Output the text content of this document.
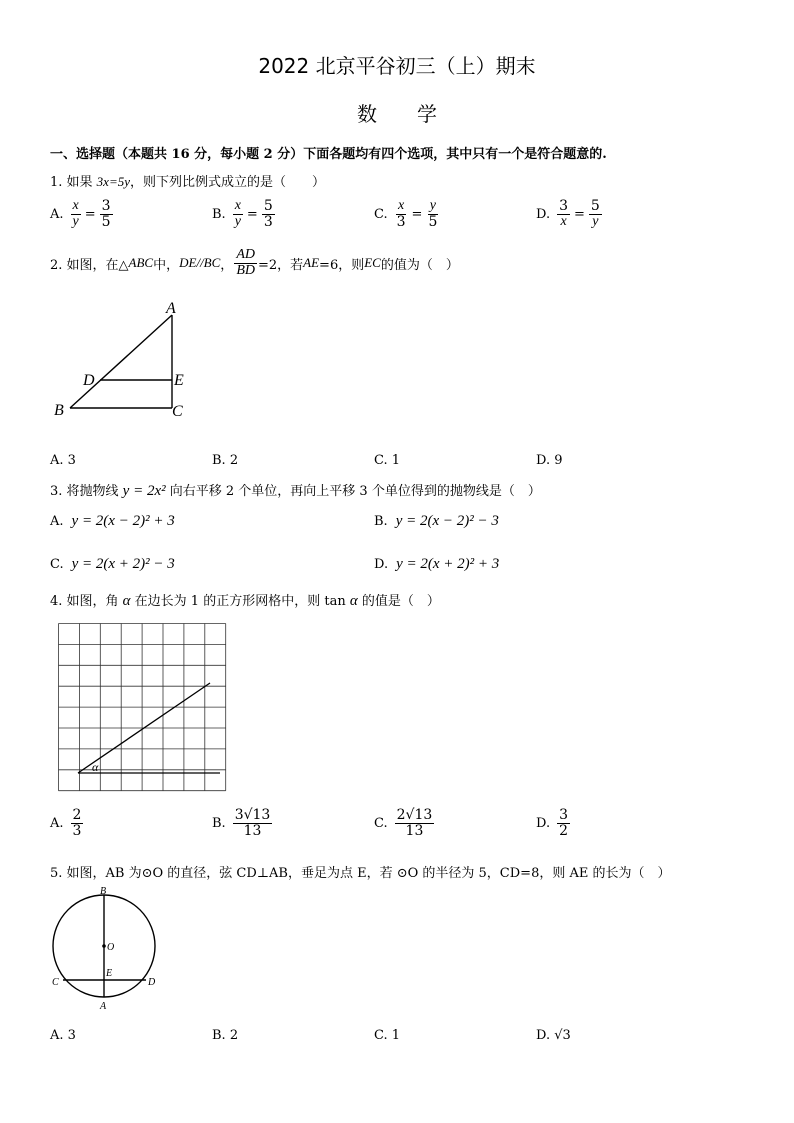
2022 北京平谷初三（上）期末
数　　学
一、选择题（本题共 16 分，每小题 2 分）下面各题均有四个选项，其中只有一个是符合题意的.
1. 如果 3x=5y，则下列比例式成立的是（　　）
2. 如图，在△ ABC 中， DE//BC ， $\frac{AD}{BD} =2$，若 AE =6，则 EC 的值为（　）
A
D	E
B	C
3. 将抛物线 y = 2x² 向右平移 2 个单位，再向上平移 3 个单位得到的抛物线是（　）
4. 如图，角 α 在边长为 1 的正方形网格中，则 tan α 的值是（　）
α
5. 如图，AB 为⊙O 的直径，弦 CD⊥AB，垂足为点 E，若 ⊙O 的半径为 5，CD=8，则 AE 的长为（　）
B
O
E
C	D
A
A. $\frac{x}{y} = \frac{3}{5}$	B. $\frac{x}{y} = \frac{5}{3}$	C. $\frac{x}{3} = \frac{y}{5}$	D. $\frac{3}{x} = \frac{5}{y}$
A. 3	B. 2	C. 1	D. 9
A. y = 2(x − 2)² + 3	B. y = 2(x − 2)² − 3
C. y = 2(x + 2)² − 3	D. y = 2(x + 2)² + 3
A. $\frac{2}{3}$	B. $\frac{3√13}{13}$	C. $\frac{2√13}{13}$	D. $\frac{3}{2}$
A. 3	B. 2	C. 1	D. √3
